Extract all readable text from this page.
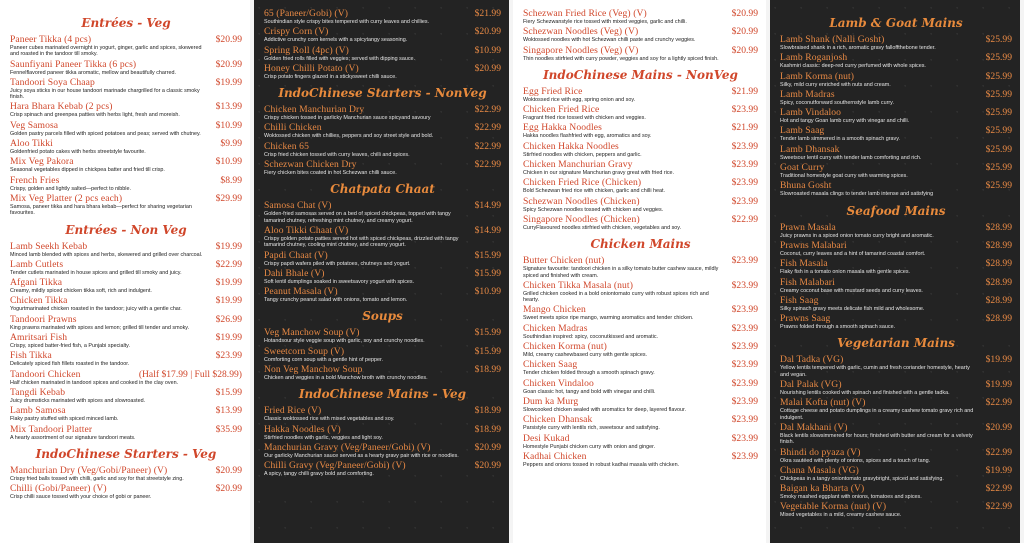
Entrées - Veg
Paneer Tikka (4 pcs)	$20.99
Paneer cubes marinated overnight in yogurt, ginger, garlic and spices, skewered and roasted in the tandoor till smoky.
Saunfiyani Paneer Tikka (6 pcs)	$20.99
Fennelflavored paneer tikka aromatic, mellow and beautifully charred.
Tandoori Soya Chaap	$19.99
Juicy soya sticks in our house tandoori marinade chargrilled for a classic smoky finish.
Hara Bhara Kebab (2 pcs)	$13.99
Crisp spinach and greenpea patties with herbs light, fresh and moreish.
Veg Samosa	$10.99
Golden pastry parcels filled with spiced potatoes and peas; served with chutney.
Aloo Tikki	$9.99
Goldenfried potato cakes with herbs streetstyle favourite.
Mix Veg Pakora	$10.99
Seasonal vegetables dipped in chickpea batter and fried till crisp.
French Fries	$8.99
Crispy, golden and lightly salted—perfect to nibble.
Mix Veg Platter (2 pcs each)	$29.99
Samosa, paneer tikka and hara bhara kebab—perfect for sharing vegetarian favourites.
Entrées - Non Veg
Lamb Seekh Kebab	$19.99
Minced lamb blended with spices and herbs, skewered and grilled over charcoal.
Lamb Cutlets	$22.99
Tender cutlets marinated in house spices and grilled till smoky and juicy.
Afgani Tikka	$19.99
Creamy, mildly spiced chicken tikka soft, rich and indulgent.
Chicken Tikka	$19.99
Yogurtmarinated chicken roasted in the tandoor; juicy with a gentle char.
Tandoori Prawns	$26.99
King prawns marinated with spices and lemon; grilled till tender and smoky.
Amritsari Fish	$19.99
Crispy, spiced batter-fried fish, a Punjabi specialty.
Fish Tikka	$23.99
Delicately spiced fish fillets roasted in the tandoor.
Tandoori Chicken	(Half $17.99 | Full $28.99)
Half chicken marinated in tandoori spices and cooked in the clay oven.
Tangdi Kebab	$15.99
Juicy drumsticks marinated with spices and slowroasted.
Lamb Samosa	$13.99
Flaky pastry stuffed with spiced minced lamb.
Mix Tandoori Platter	$35.99
A hearty assortment of our signature tandoori meats.
IndoChinese Starters - Veg
Manchurian Dry (Veg/Gobi/Paneer) (V)	$20.99
Crispy fried balls tossed with chilli, garlic and soy for that streetstyle zing.
Chilli (Gobi/Paneer) (V)	$20.99
Crisp chilli sauce tossed with your choice of gobi or paneer.
65 (Paneer/Gobi) (V)	$21.99
Southindian style crispy bites tempered with curry leaves and chillies.
Crispy Corn (V)	$20.99
Addictive crunchy corn kernels with a spicytangy seasoning.
Spring Roll (4pc) (V)	$10.99
Golden fried rolls filled with veggies; served with dipping sauce.
Honey Chilli Potato (V)	$20.99
Crisp potato fingers glazed in a stickysweet chilli sauce.
IndoChinese Starters - NonVeg
Chicken Manchurian Dry	$22.99
Crispy chicken tossed in garlicky Manchurian sauce spicyand savoury
Chilli Chicken	$22.99
Woktossed chicken with chillies, peppers and soy street style and bold.
Chicken 65	$22.99
Crisp fried chicken tossed with curry leaves, chilli and spices.
Schezwan Chicken Dry	$22.99
Fiery chicken bites coated in hot Schezwan chilli sauce.
Chatpata Chaat
Samosa Chat (V)	$14.99
Golden-fried samosas served on a bed of spiced chickpeas, topped with tangy tamarind chutney, refreshing mint chutney, and creamy yogurt.
Aloo Tikki Chaat (V)	$14.99
Crispy golden potato patties served hot with spiced chickpeas, drizzled with tangy tamarind chutney, cooling mint chutney, and creamy yogurt.
Papdi Chaat (V)	$15.99
Crispy papdi wafers piled with potatoes, chutneys and yogurt.
Dahi Bhale (V)	$15.99
Soft lentil dumplings soaked in sweetsavory yogurt with spices.
Peanut Masala (V)	$10.99
Tangy crunchy peanut salad with onions, tomato and lemon.
Soups
Veg Manchow Soup (V)	$15.99
Hotandsour style veggie soup with garlic, soy and crunchy noodles.
Sweetcorn Soup (V)	$15.99
Comforting corn soup with a gentle hint of pepper.
Non Veg Manchow Soup	$18.99
Chicken and veggies in a bold Manchow broth with crunchy noodles.
IndoChinese Mains - Veg
Fried Rice (V)	$18.99
Classic woktossed rice with mixed vegetables and soy.
Hakka Noodles (V)	$18.99
Stirfried noodles with garlic, veggies and light soy.
Manchurian Gravy (Veg/Paneer/Gobi) (V)	$20.99
Our garlicky Manchurian sauce served as a hearty gravy pair with rice or noodles.
Chilli Gravy (Veg/Paneer/Gobi) (V)	$20.99
A spicy, tangy chilli gravy bold and comforting.
Schezwan Fried Rice (Veg) (V)	$20.99
Fiery Schezwanstyle rice tossed with mixed veggies, garlic and chilli.
Schezwan Noodles (Veg) (V)	$20.99
Woktossed noodles with hot Schezwan chilli paste and crunchy veggies.
Singapore Noodles (Veg) (V)	$20.99
Thin noodles stirfried with curry powder, veggies and soy for a lightly spiced finish.
IndoChinese Mains - NonVeg
Egg Fried Rice	$21.99
Woktossed rice with egg, spring onion and soy.
Chicken Fried Rice	$23.99
Fragrant fried rice tossed with chicken and veggies.
Egg Hakka Noodles	$21.99
Hakka noodles flashfried with egg, aromatics and soy.
Chicken Hakka Noodles	$23.99
Stirfried noodles with chicken, peppers and garlic.
Chicken Manchurian Gravy	$23.99
Chicken in our signature Manchurian gravy great with fried rice.
Chicken Fried Rice (Chicken)	$23.99
Bold Schezwan fried rice with chicken, garlic and chilli heat.
Schezwan Noodles (Chicken)	$23.99
Spicy Schezwan noodles tossed with chicken and veggies.
Singapore Noodles (Chicken)	$22.99
CurryFlavoured noodles stirfried with chicken, vegetables and soy.
Chicken Mains
Butter Chicken (nut)	$23.99
Signature favourite: tandoori chicken in a silky tomato butter cashew sauce, mildly spiced and finished with cream.
Chicken Tikka Masala (nut)	$23.99
Grilled chicken cooked in a bold oniontomato curry with robust spices rich and hearty.
Mango Chicken	$23.99
Sweet meets spice ripe mango, warming aromatics and tender chicken.
Chicken Madras	$23.99
Southindian inspired: spicy, coconutkissed and aromatic.
Chicken Korma (nut)	$23.99
Mild, creamy cashewbased curry with gentle spices.
Chicken Saag	$23.99
Tender chicken folded through a smooth spinach gravy.
Chicken Vindaloo	$23.99
Goan classic hot, tangy and bold with vinegar and chilli.
Dum ka Murg	$23.99
Slowcooked chicken sealed with aromatics for deep, layered flavour.
Chicken Dhansak	$23.99
Parsistyle curry with lentils rich, sweetsour and satisfying.
Desi Kukad	$23.99
Homestyle Punjabi chicken curry with onion and ginger.
Kadhai Chicken	$23.99
Peppers and onions tossed in robust kadhai masala with chicken.
Lamb & Goat Mains
Lamb Shank (Nalli Gosht)	$25.99
Slowbraised shank in a rich, aromatic gravy falloffthebone tender.
Lamb Roganjosh	$25.99
Kashmiri classic: deep-red curry perfumed with whole spices.
Lamb Korma (nut)	$25.99
Silky, mild curry enriched with nuts and cream.
Lamb Madras	$25.99
Spicy, coconutforward southernstyle lamb curry.
Lamb Vindaloo	$25.99
Hot and tangy Goan lamb curry with vinegar and chilli.
Lamb Saag	$25.99
Tender lamb simmered in a smooth spinach gravy.
Lamb Dhansak	$25.99
Sweetsour lentil curry with tender lamb comforting and rich.
Goat Curry	$25.99
Traditional homestyle goat curry with warming spices.
Bhuna Gosht	$25.99
Slowroasted masala clings to tender lamb intense and satisfying
Seafood Mains
Prawn Masala	$28.99
Juicy prawns in a spiced onion tomato curry bright and aromatic.
Prawns Malabari	$28.99
Coconut, curry leaves and a hint of tamarind coastal comfort.
Fish Masala	$28.99
Flaky fish in a tomato onion masala with gentle spices.
Fish Malabari	$28.99
Creamy coconut base with mustard seeds and curry leaves.
Fish Saag	$28.99
Silky spinach gravy meets delicate fish mild and wholesome.
Prawns Saag	$28.99
Prawns folded through a smooth spinach sauce.
Vegetarian Mains
Dal Tadka (VG)	$19.99
Yellow lentils tempered with garlic, cumin and fresh coriander homestyle, hearty and vegan.
Dal Palak (VG)	$19.99
Nourishing lentils cooked with spinach and finished with a gentle tadka.
Malai Kofta (nut) (V)	$22.99
Cottage cheese and potato dumplings in a creamy cashew tomato gravy rich and indulgent.
Dal Makhani (V)	$20.99
Black lentils slowsimmered for hours; finished with butter and cream for a velvety finish.
Bhindi do pyaza (V)	$22.99
Okra sautéed with plenty of onions, spices and a touch of tang.
Chana Masala (VG)	$19.99
Chickpeas in a tangy oniontomato gravybright, spiced and satisfying.
Baigan ka Bharta (V)	$22.99
Smoky mashed eggplant with onions, tomatoes and spices.
Vegetable Korma (nut) (V)	$22.99
Mixed vegetables in a mild, creamy cashew sauce.
